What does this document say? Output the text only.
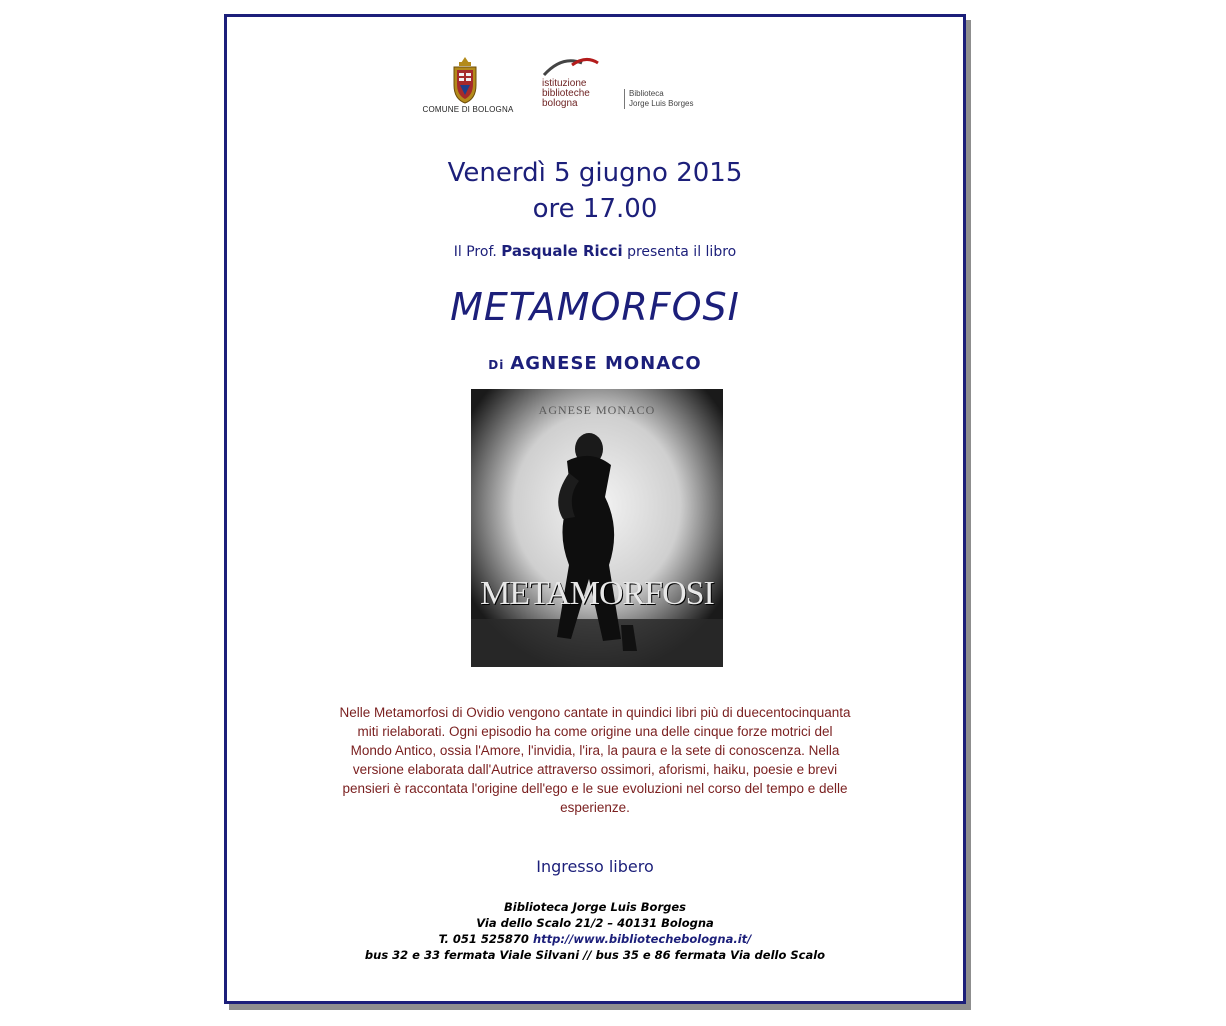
COMUNE DI BOLOGNA
istituzione
biblioteche
bologna
Biblioteca
Jorge Luis Borges
Venerdì 5 giugno 2015
ore 17.00
Il Prof. Pasquale Ricci presenta il libro
METAMORFOSI
Di AGNESE MONACO
AGNESE MONACO
METAMORFOSI
Nelle Metamorfosi di Ovidio vengono cantate in quindici libri più di duecentocinquanta
miti rielaborati. Ogni episodio ha come origine una delle cinque forze motrici del
Mondo Antico, ossia l'Amore, l'invidia, l'ira, la paura e la sete di conoscenza. Nella
versione elaborata dall'Autrice attraverso ossimori, aforismi, haiku, poesie e brevi
pensieri è raccontata l'origine dell'ego e le sue evoluzioni nel corso del tempo e delle
esperienze.
Ingresso libero
Biblioteca Jorge Luis Borges
Via dello Scalo 21/2 – 40131 Bologna
T. 051 525870 http://www.bibliotechebologna.it/
bus 32 e 33 fermata Viale Silvani // bus 35 e 86 fermata Via dello Scalo
